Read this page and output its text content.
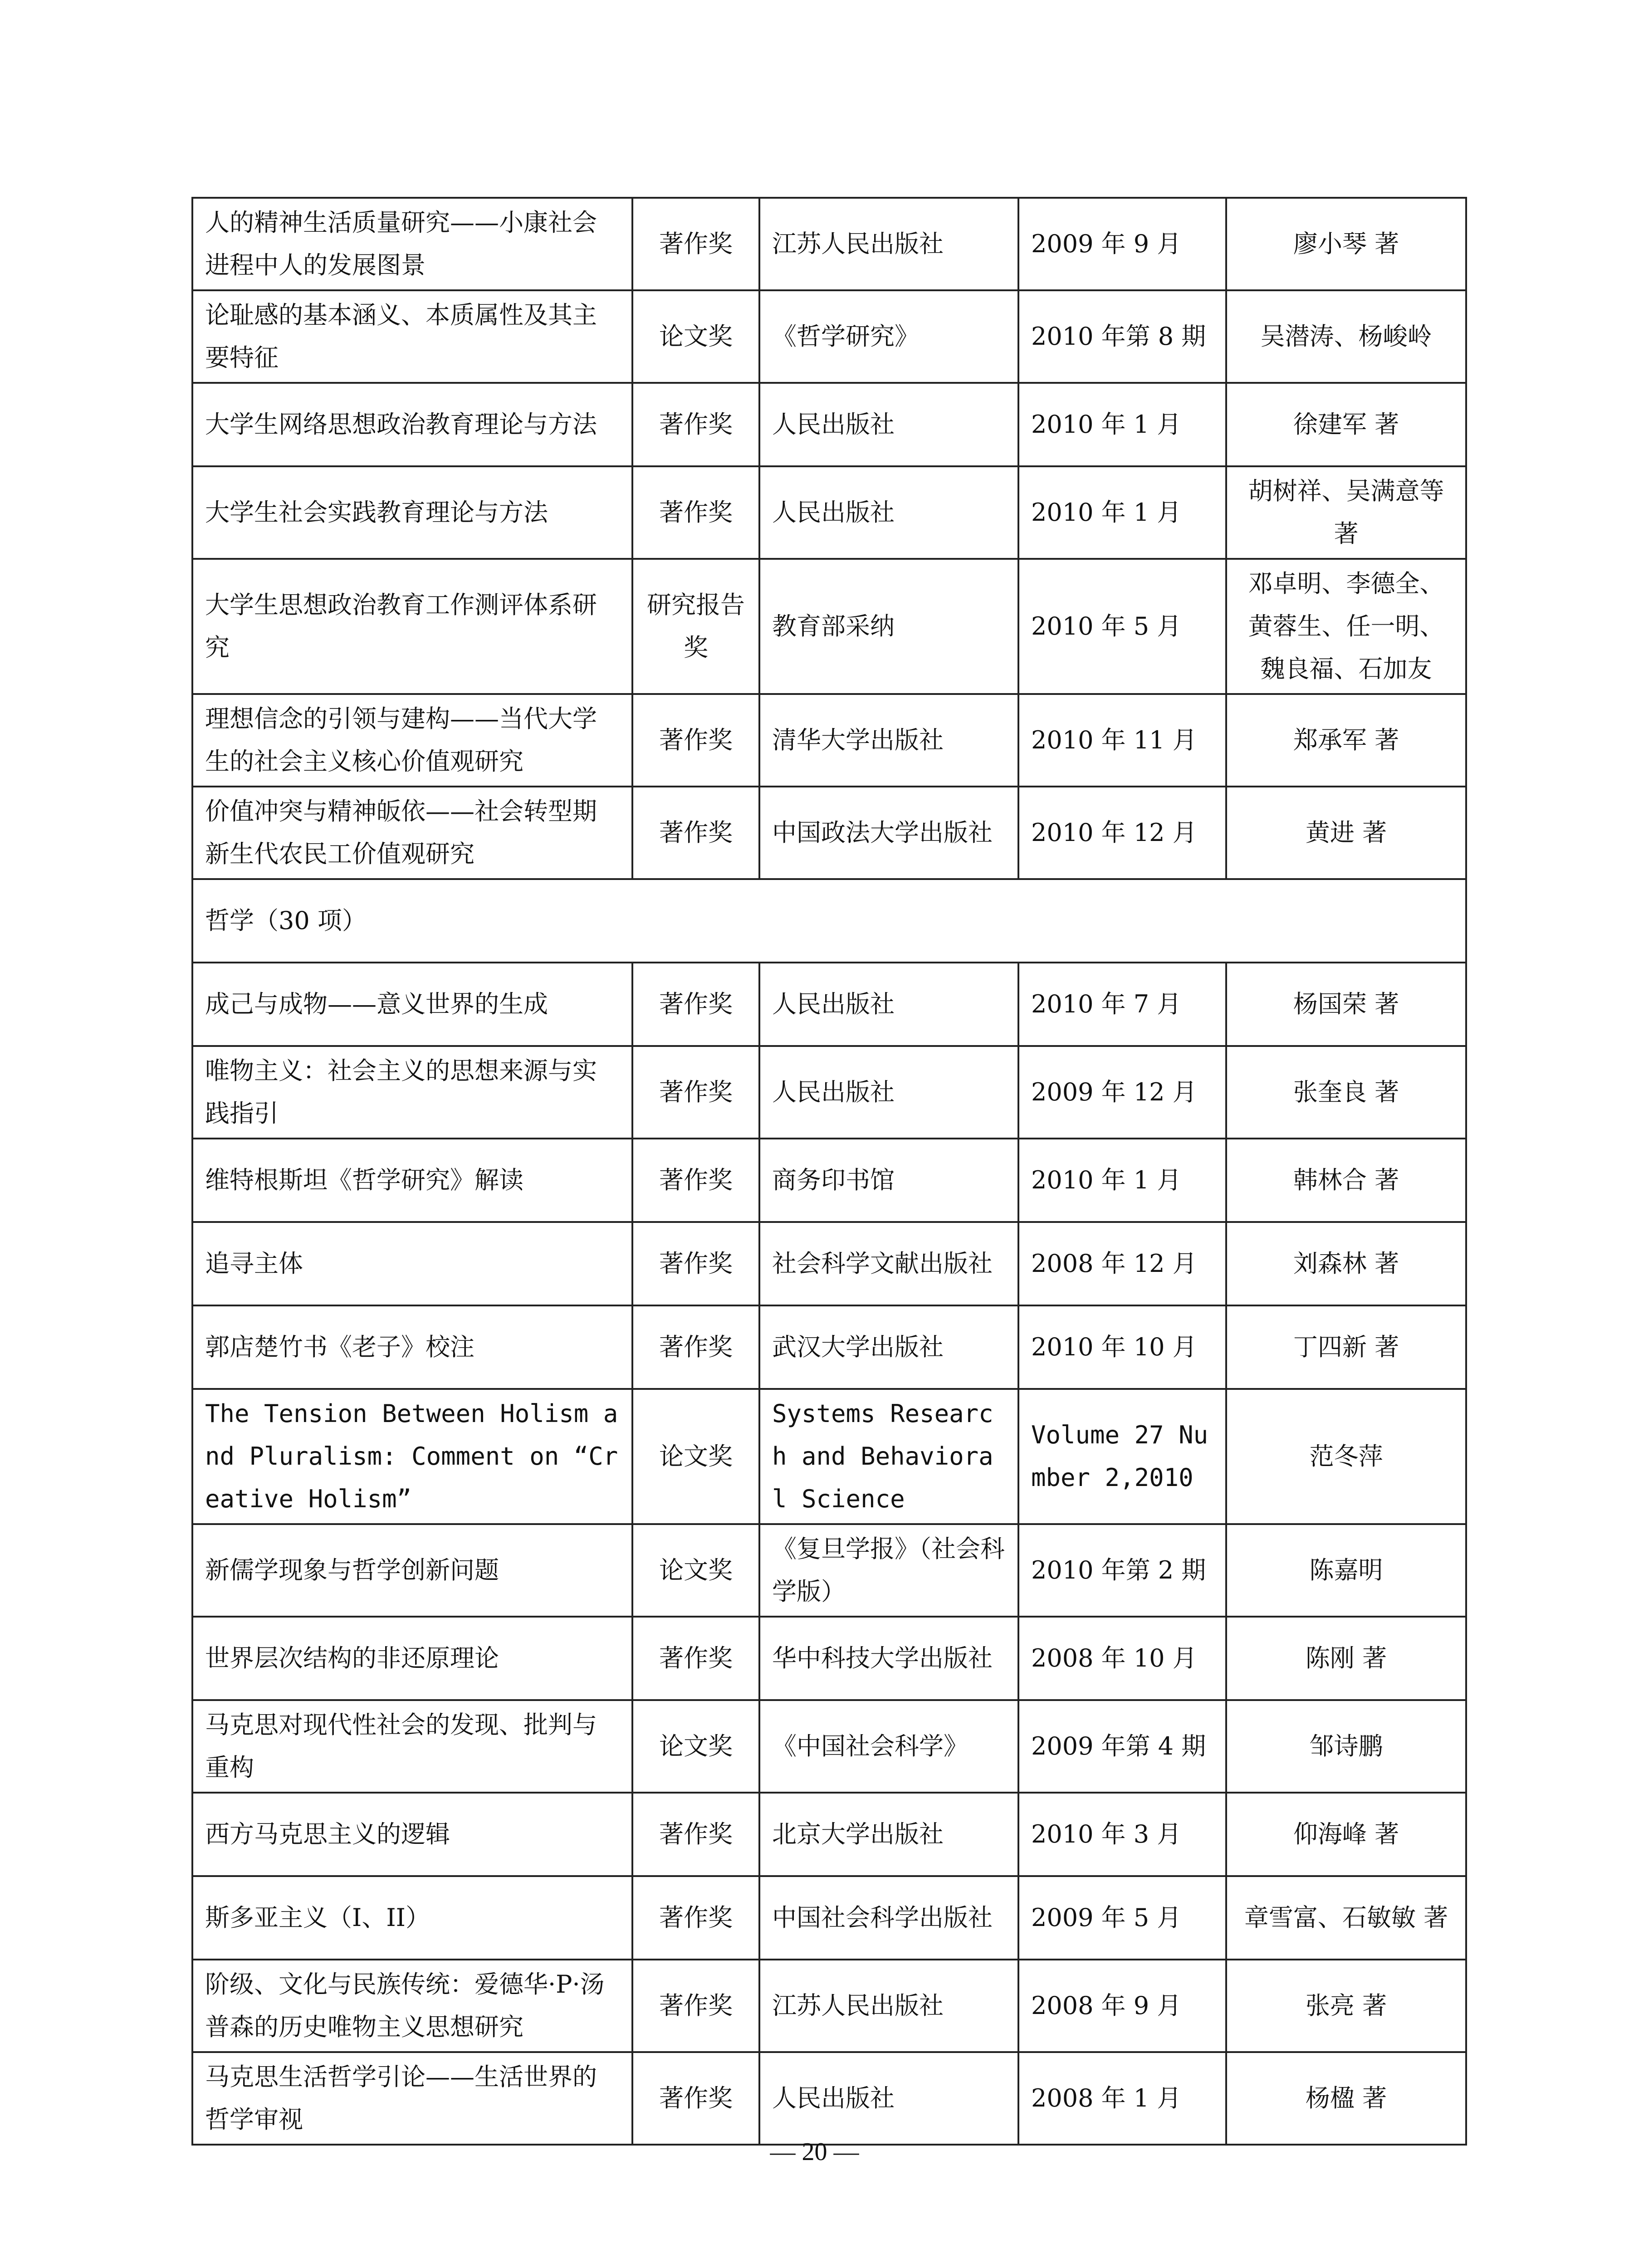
人的精神生活质量研究——小康社会进程中人的发展图景	著作奖	江苏人民出版社	2009 年 9 月	廖小琴 著
论耻感的基本涵义、本质属性及其主要特征	论文奖	《哲学研究》	2010 年第 8 期	吴潜涛、杨峻岭
大学生网络思想政治教育理论与方法	著作奖	人民出版社	2010 年 1 月	徐建军 著
大学生社会实践教育理论与方法	著作奖	人民出版社	2010 年 1 月	胡树祥、吴满意等著
大学生思想政治教育工作测评体系研究	研究报告奖	教育部采纳	2010 年 5 月	邓卓明、李德全、黄蓉生、任一明、魏良福、石加友
理想信念的引领与建构——当代大学生的社会主义核心价值观研究	著作奖	清华大学出版社	2010 年 11 月	郑承军 著
价值冲突与精神皈依——社会转型期新生代农民工价值观研究	著作奖	中国政法大学出版社	2010 年 12 月	黄进 著
哲学（30 项）				
成己与成物——意义世界的生成	著作奖	人民出版社	2010 年 7 月	杨国荣 著
唯物主义：社会主义的思想来源与实践指引	著作奖	人民出版社	2009 年 12 月	张奎良 著
维特根斯坦《哲学研究》解读	著作奖	商务印书馆	2010 年 1 月	韩林合 著
追寻主体	著作奖	社会科学文献出版社	2008 年 12 月	刘森林 著
郭店楚竹书《老子》校注	著作奖	武汉大学出版社	2010 年 10 月	丁四新 著
The Tension Between Holism and Pluralism: Comment on “Creative Holism”	论文奖	Systems Research and Behavioral Science	Volume 27 Number 2,2010	范冬萍
新儒学现象与哲学创新问题	论文奖	《复旦学报》（社会科学版）	2010 年第 2 期	陈嘉明
世界层次结构的非还原理论	著作奖	华中科技大学出版社	2008 年 10 月	陈刚 著
马克思对现代性社会的发现、批判与重构	论文奖	《中国社会科学》	2009 年第 4 期	邹诗鹏
西方马克思主义的逻辑	著作奖	北京大学出版社	2010 年 3 月	仰海峰 著
斯多亚主义（I、II）	著作奖	中国社会科学出版社	2009 年 5 月	章雪富、石敏敏 著
阶级、文化与民族传统：爱德华·P·汤普森的历史唯物主义思想研究	著作奖	江苏人民出版社	2008 年 9 月	张亮 著
马克思生活哲学引论——生活世界的哲学审视	著作奖	人民出版社	2008 年 1 月	杨楹 著
— 20 —
